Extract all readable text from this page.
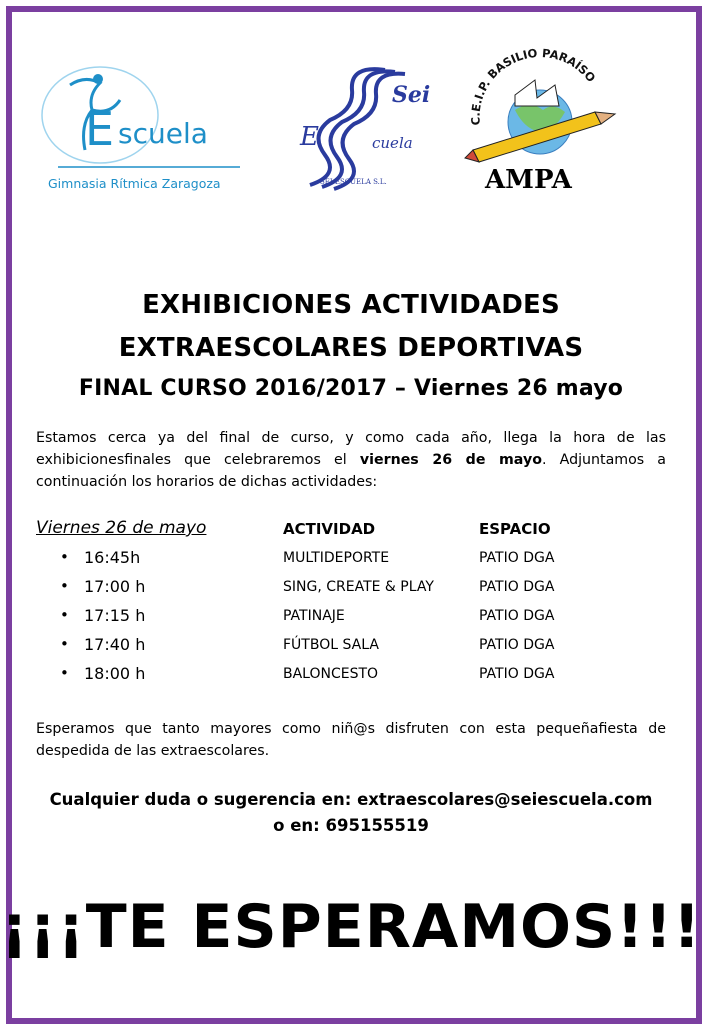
E scuela
Gimnasia Rítmica Zaragoza
Sei
E	cuela
SEI ESCUELA S.L.
C.E.I.P. BASILIO PARAÍSO
AMPA
EXHIBICIONES ACTIVIDADES
EXTRAESCOLARES DEPORTIVAS
FINAL CURSO 2016/2017 – Viernes 26 mayo
Estamos cerca ya del final de curso, y como cada año, llega la hora de las exhibicionesfinales que celebraremos el viernes 26 de mayo. Adjuntamos a continuación los horarios de dichas actividades:
Viernes 26 de mayo	ACTIVIDAD	ESPACIO
• 16:45h	MULTIDEPORTE	PATIO DGA
• 17:00 h	SING, CREATE & PLAY	PATIO DGA
• 17:15 h	PATINAJE	PATIO DGA
• 17:40 h	FÚTBOL SALA	PATIO DGA
• 18:00 h	BALONCESTO	PATIO DGA
Esperamos que tanto mayores como niñ@s disfruten con esta pequeñafiesta de despedida de las extraescolares.
Cualquier duda o sugerencia en: extraescolares@seiescuela.com
o en: 695155519
¡¡¡TE ESPERAMOS!!!
